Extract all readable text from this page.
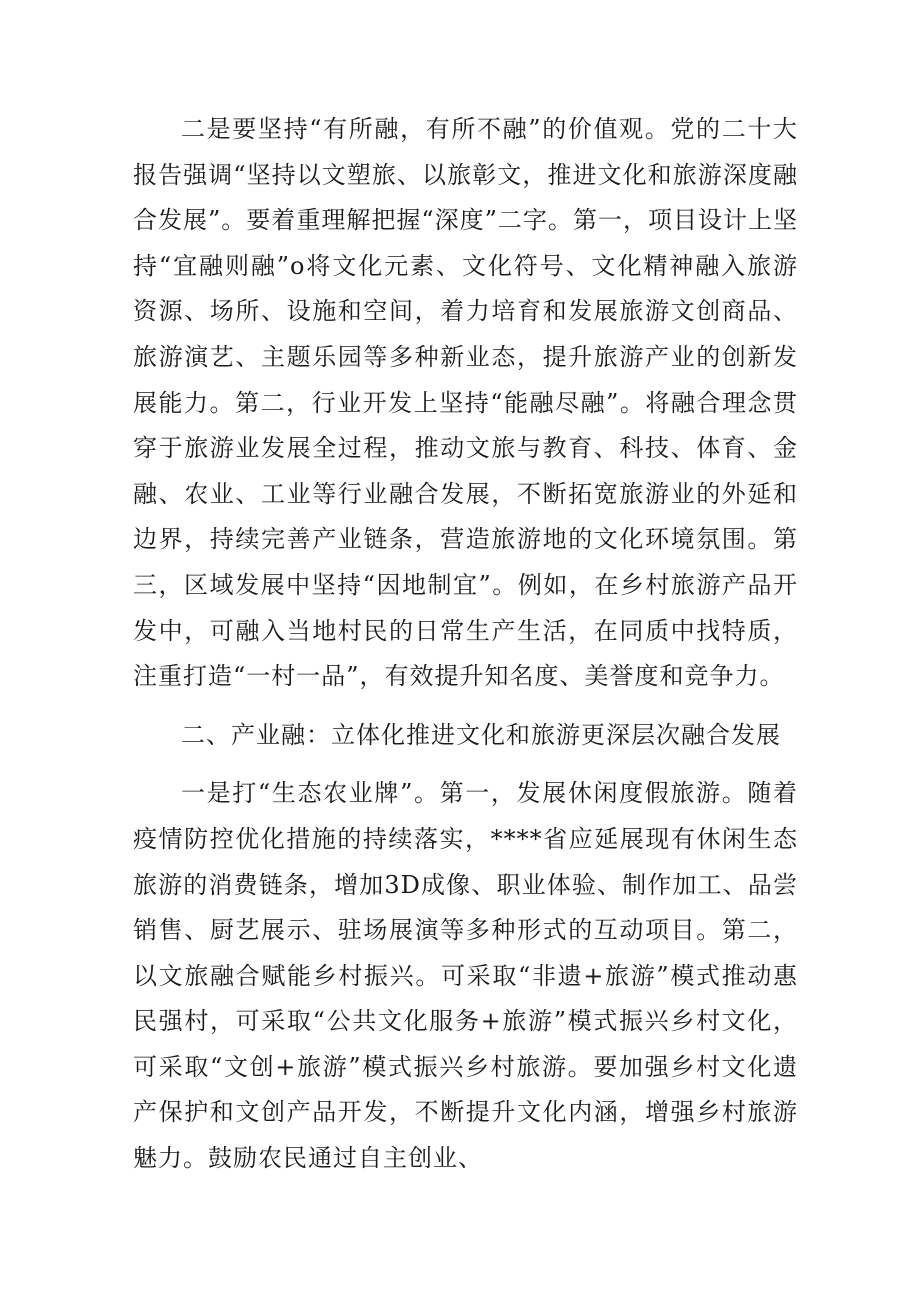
二是要坚持“有所融，有所不融”的价值观。党的二十大报告强调“坚持以文塑旅、以旅彰文，推进文化和旅游深度融合发展”。要着重理解把握“深度”二字。第一，项目设计上坚持“宜融则融”o将文化元素、文化符号、文化精神融入旅游资源、场所、设施和空间，着力培育和发展旅游文创商品、旅游演艺、主题乐园等多种新业态，提升旅游产业的创新发展能力。第二，行业开发上坚持“能融尽融”。将融合理念贯穿于旅游业发展全过程，推动文旅与教育、科技、体育、金融、农业、工业等行业融合发展，不断拓宽旅游业的外延和边界，持续完善产业链条，营造旅游地的文化环境氛围。第三，区域发展中坚持“因地制宜”。例如，在乡村旅游产品开发中，可融入当地村民的日常生产生活，在同质中找特质，注重打造“一村一品”，有效提升知名度、美誉度和竞争力。

二、产业融：立体化推进文化和旅游更深层次融合发展

一是打“生态农业牌”。第一，发展休闲度假旅游。随着疫情防控优化措施的持续落实，****省应延展现有休闲生态旅游的消费链条，增加3D成像、职业体验、制作加工、品尝销售、厨艺展示、驻场展演等多种形式的互动项目。第二，以文旅融合赋能乡村振兴。可采取“非遗+旅游”模式推动惠民强村，可采取“公共文化服务+旅游”模式振兴乡村文化，可采取“文创+旅游”模式振兴乡村旅游。要加强乡村文化遗产保护和文创产品开发，不断提升文化内涵，增强乡村旅游魅力。鼓励农民通过自主创业、
